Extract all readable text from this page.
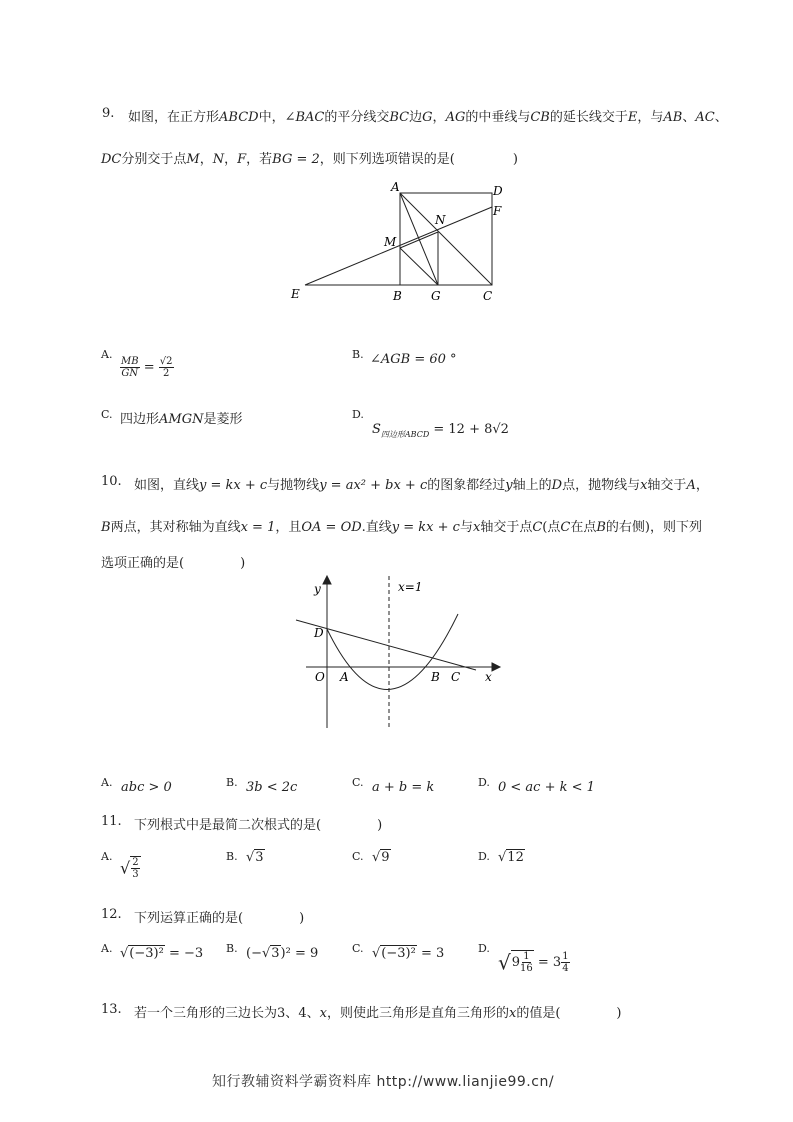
9. 如图，在正方形ABCD中，∠BAC的平分线交BC边G，AG的中垂线与CB的延长线交于E，与AB、AC、
DC分别交于点M，N，F，若BG = 2，则下列选项错误的是(	)
A	D
F
N
M
E	B G	C
A.
$\frac{MB}{GN} = \frac{√2}{2}$
B. ∠AGB = 60 °
C. 四边形AMGN是菱形	D.
$S_{四边形ABCD} = 12 + 8√2$
10. 如图，直线y = kx + c与抛物线y = ax² + bx + c的图象都经过y轴上的D点，抛物线与x轴交于A，
B两点，其对称轴为直线x = 1，且OA = OD.直线y = kx + c与x轴交于点C(点C在点B的右侧)，则下列
选项正确的是(	)
y	x=1
D
O A	B C x
A. abc > 0	B. 3b < 2c	C. a + b = k	D. 0 < ac + k < 1
11. 下列根式中是最简二次根式的是(	)
A.
√ $\frac{2}{3}$	B. √3	C. √9	D. √12
12. 下列运算正确的是(	)
A. √(−3)² = −3 B. (−√3)² = 9	C. √(−3)² = 3	D.
$√9 \frac{1}{16} = 3 \frac{1}{4}$
13. 若一个三角形的三边长为3、4、x，则使此三角形是直角三角形的x的值是(	)
知行教辅资料学霸资料库 http://www.lianjie99.cn/
